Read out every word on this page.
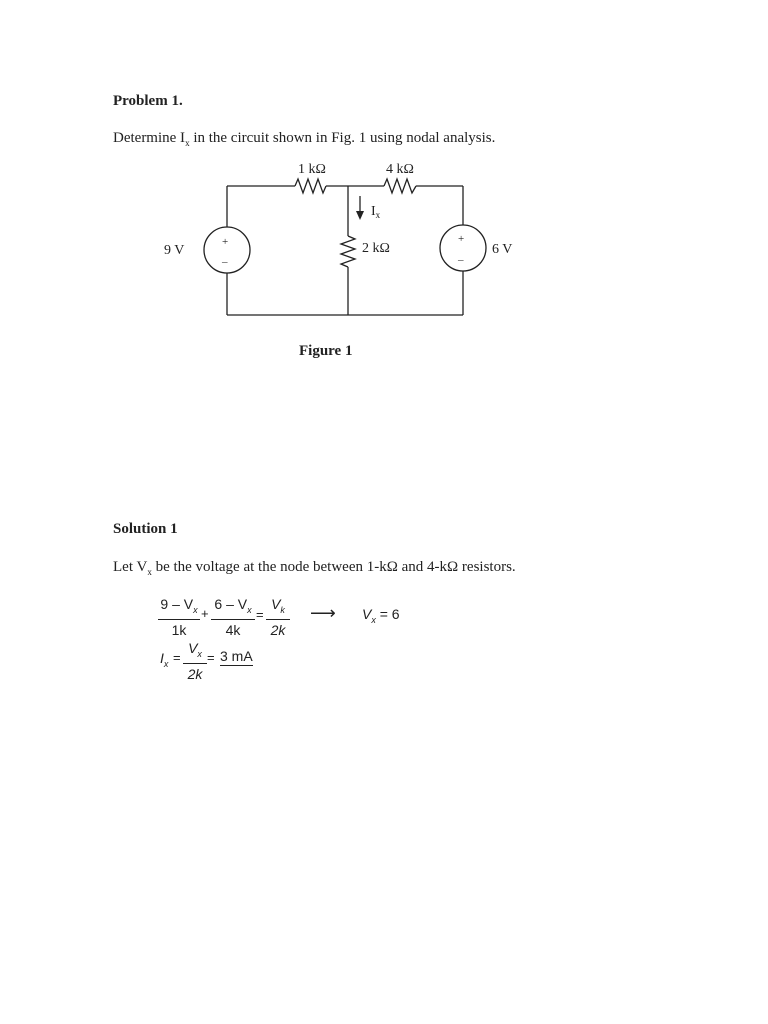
Problem 1.
Determine $I_x$ in the circuit shown in Fig. 1 using nodal analysis.
1 kΩ	4 kΩ
2 kΩ
$I_x$
9 V	6 V
+
–
+
–
Figure 1
Solution 1
Let $V_x$ be the voltage at the node between 1-kΩ and 4-kΩ resistors.
$\frac{9 - V_x}{1k} + \frac{6 - V_x}{4k} = \frac{V_k}{2k}$ ⟶ $V_x = 6$
$I_x = \frac{V_x}{2k} = 3$ mA
